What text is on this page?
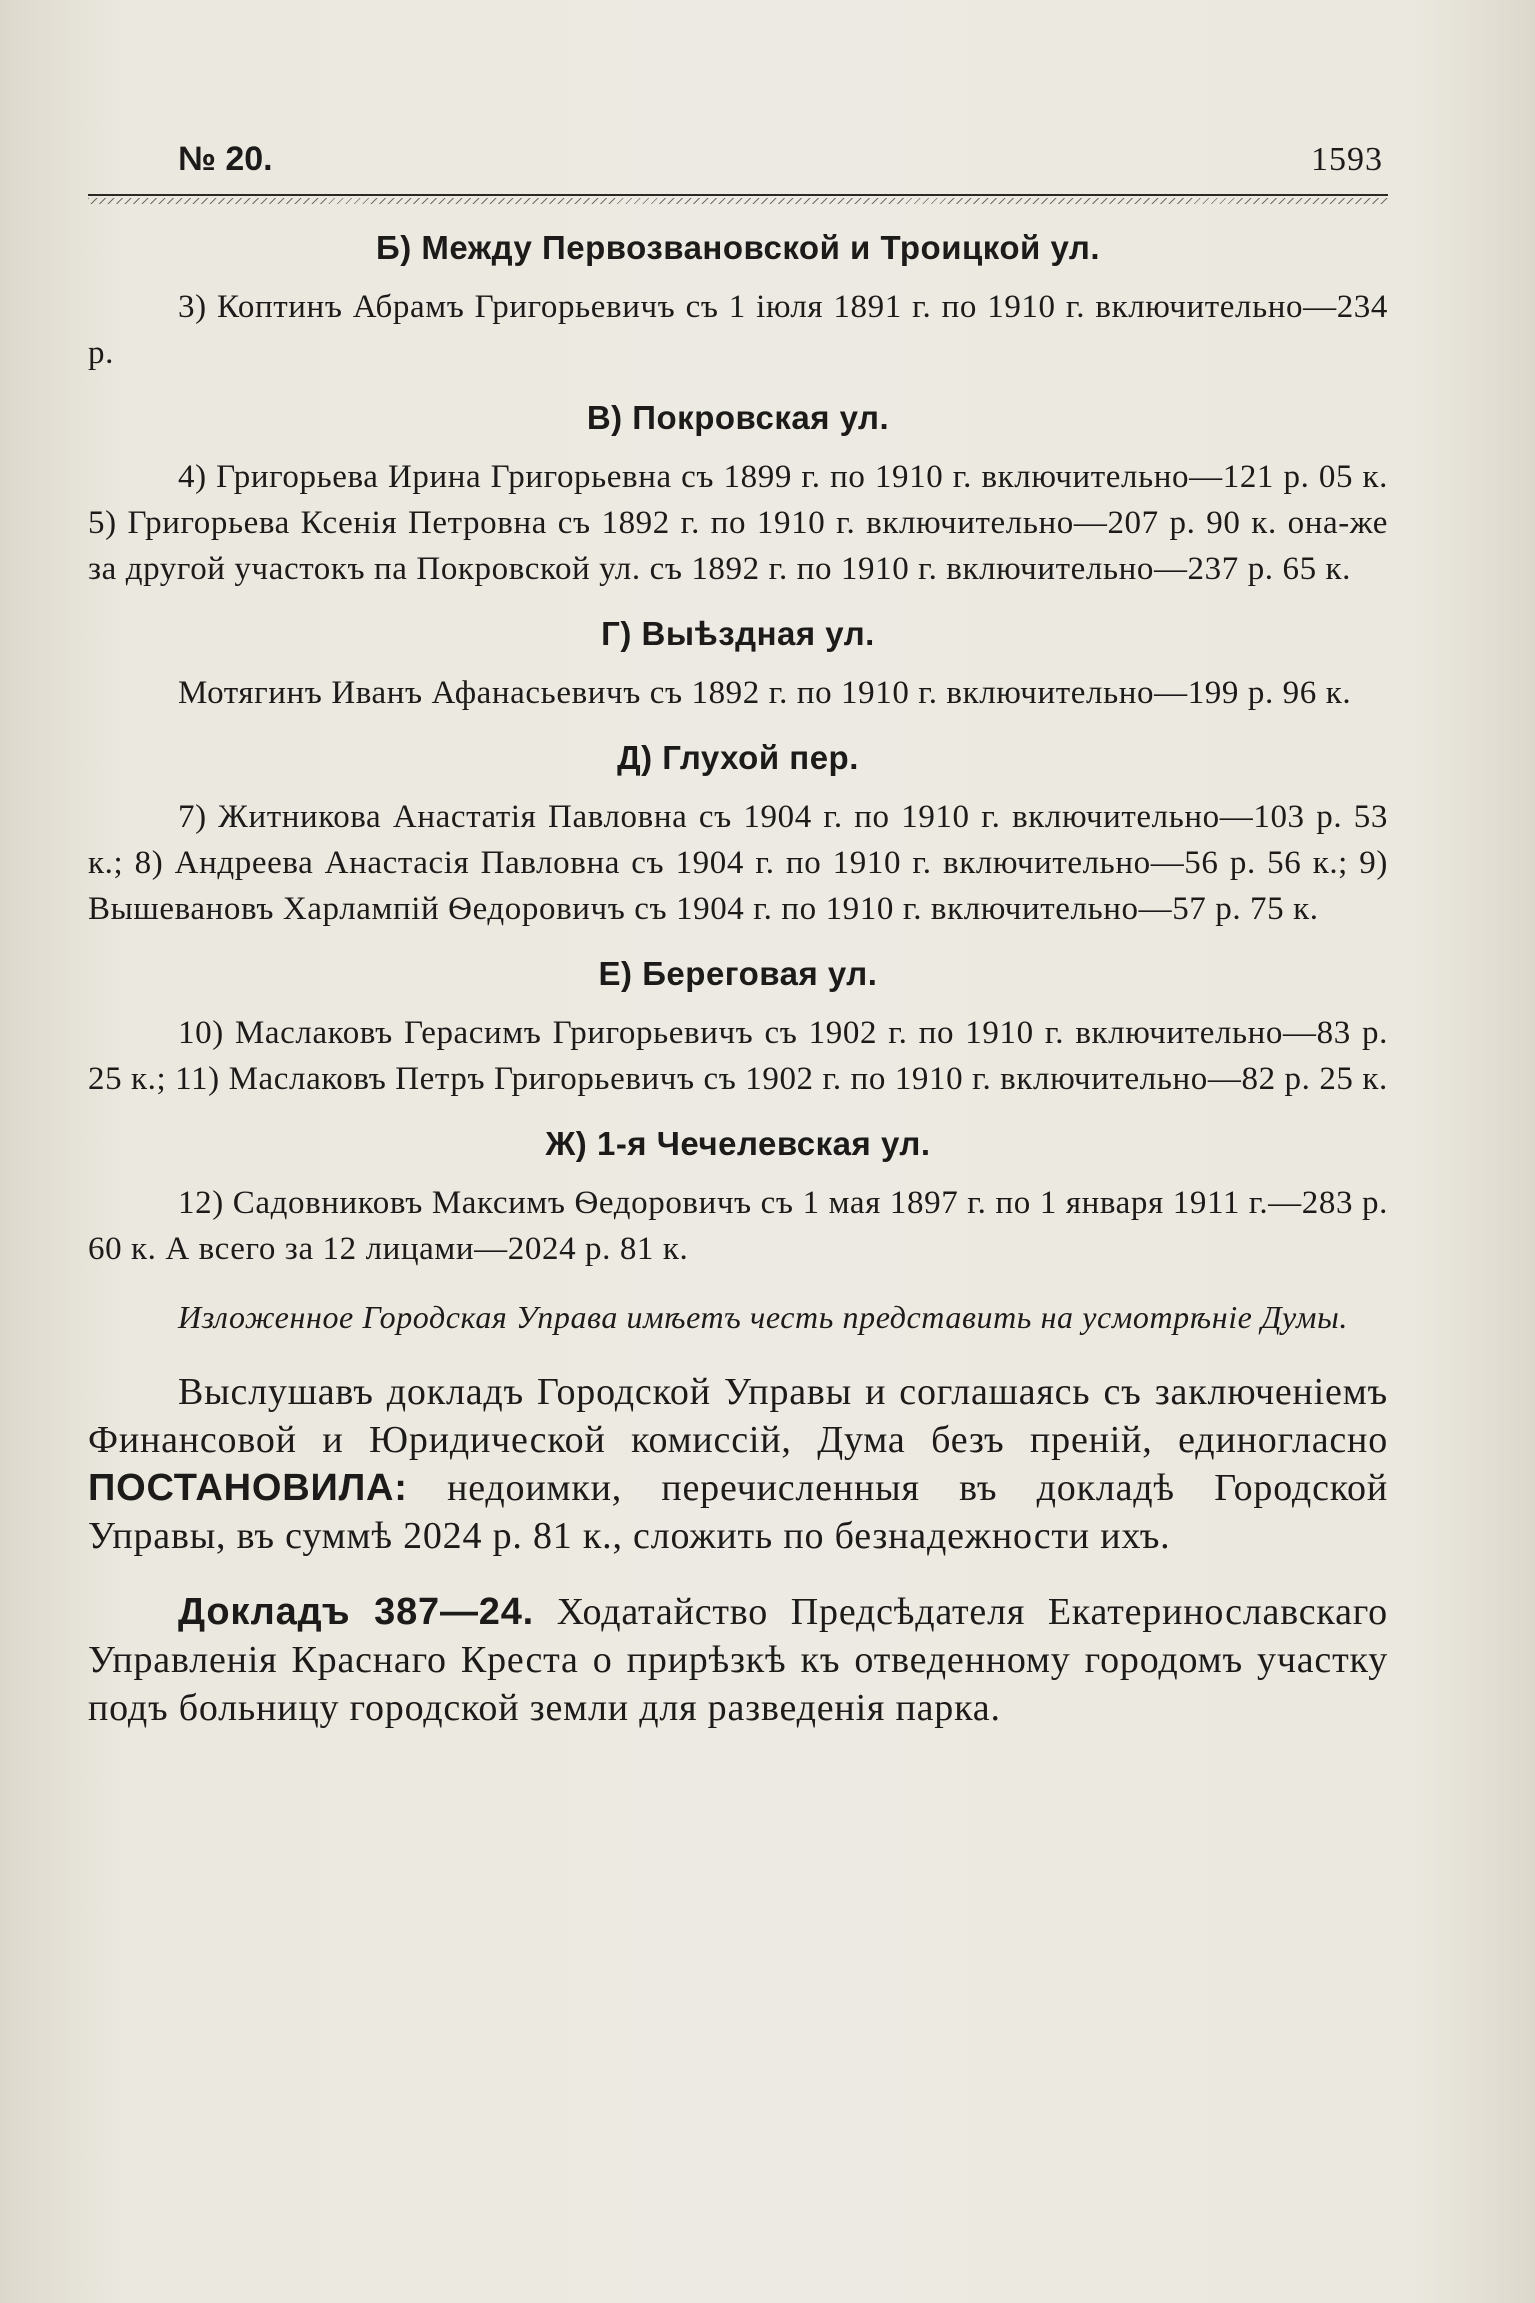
№ 20.	1593
Б) Между Первозвановской и Троицкой ул.

3) Коптинъ Абрамъ Григорьевичъ съ 1 іюля 1891 г. по 1910 г. включительно—234 р.

В) Покровская ул.

4) Григорьева Ирина Григорьевна съ 1899 г. по 1910 г. включительно—121 р. 05 к. 5) Григорьева Ксенія Петровна съ 1892 г. по 1910 г. включительно—207 р. 90 к. она-же за другой участокъ па Покровской ул. съ 1892 г. по 1910 г. включительно—237 р. 65 к.

Г) Выѣздная ул.

Мотягинъ Иванъ Афанасьевичъ съ 1892 г. по 1910 г. включительно—199 р. 96 к.

Д) Глухой пер.

7) Житникова Анастатія Павловна съ 1904 г. по 1910 г. включительно—103 р. 53 к.; 8) Андреева Анастасія Павловна съ 1904 г. по 1910 г. включительно—56 р. 56 к.; 9) Вышевановъ Харлампій Ѳедоровичъ съ 1904 г. по 1910 г. включительно—57 р. 75 к.

Е) Береговая ул.

10) Маслаковъ Герасимъ Григорьевичъ съ 1902 г. по 1910 г. включительно—83 р. 25 к.; 11) Маслаковъ Петръ Григорьевичъ съ 1902 г. по 1910 г. включительно—82 р. 25 к.

Ж) 1-я Чечелевская ул.

12) Садовниковъ Максимъ Ѳедоровичъ съ 1 мая 1897 г. по 1 января 1911 г.—283 р. 60 к. А всего за 12 лицами—2024 р. 81 к.

Изложенное Городская Управа имѣетъ честь представить на усмотрѣніе Думы.

Выслушавъ докладъ Городской Управы и соглашаясь съ заключеніемъ Финансовой и Юридической комиссій, Дума безъ преній, единогласно ПОСТАНОВИЛА: недоимки, перечисленныя въ докладѣ Городской Управы, въ суммѣ 2024 р. 81 к., сложить по безнадежности ихъ.

Докладъ 387—24. Ходатайство Предсѣдателя Екатеринославскаго Управленія Краснаго Креста о прирѣзкѣ къ отведенному городомъ участку подъ больницу городской земли для разведенія парка.
